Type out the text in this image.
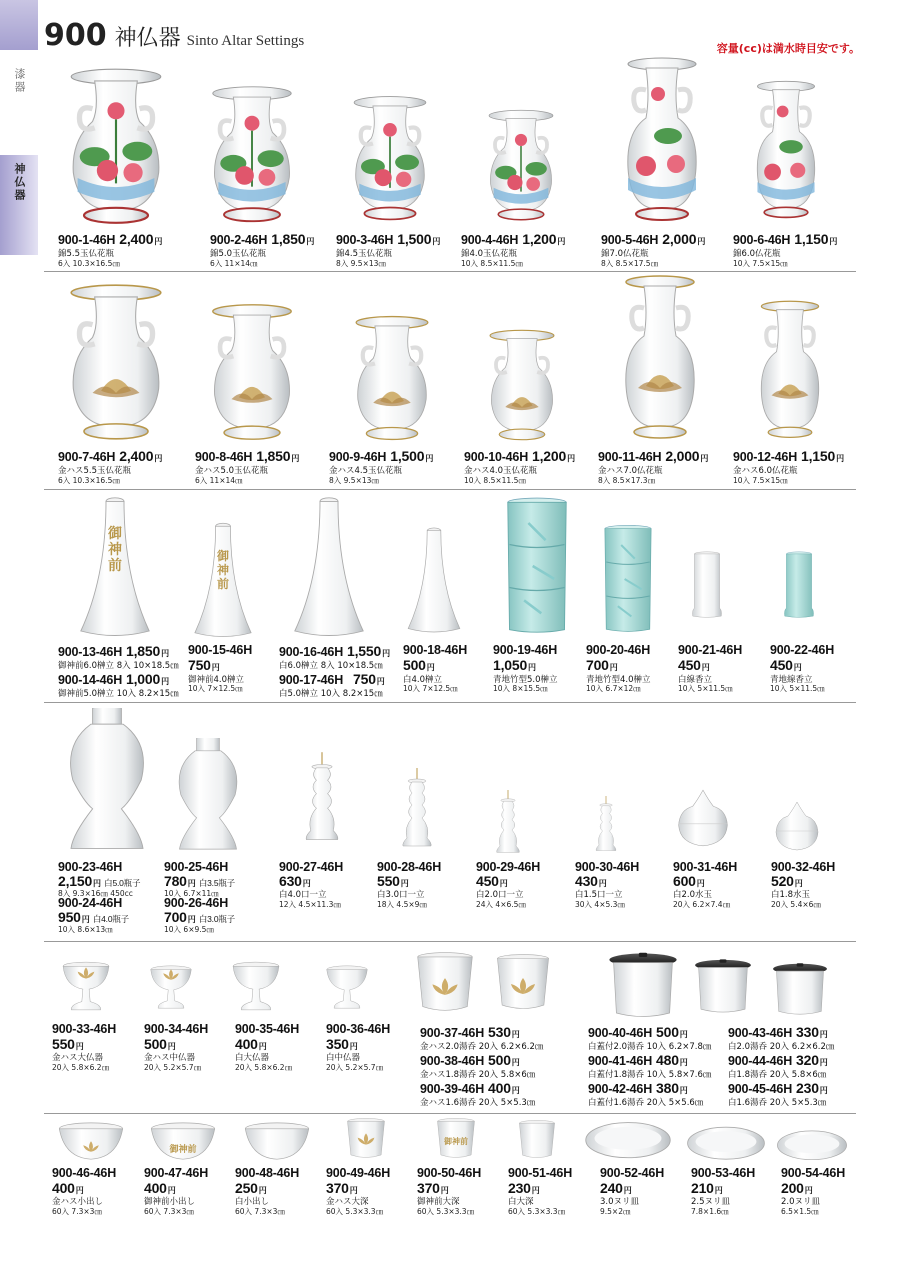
漆器
神仏器
900 神仏器 Sinto Altar Settings	容量(cc)は満水時目安です。
900-1-46H 2,400円
錦5.5玉仏花瓶
6入 10.3×16.5㎝
900-2-46H 1,850円
錦5.0玉仏花瓶
6入 11×14㎝
900-3-46H 1,500円
錦4.5玉仏花瓶
8入 9.5×13㎝
900-4-46H 1,200円
錦4.0玉仏花瓶
10入 8.5×11.5㎝
900-5-46H 2,000円
錦7.0仏花瓶
8入 8.5×17.5㎝
900-6-46H 1,150円
錦6.0仏花瓶
10入 7.5×15㎝
900-7-46H 2,400円
金ハス5.5玉仏花瓶
6入 10.3×16.5㎝
900-8-46H 1,850円
金ハス5.0玉仏花瓶
6入 11×14㎝
900-9-46H 1,500円
金ハス4.5玉仏花瓶
8入 9.5×13㎝
900-10-46H 1,200円
金ハス4.0玉仏花瓶
10入 8.5×11.5㎝
900-11-46H 2,000円
金ハス7.0仏花瓶
8入 8.5×17.3㎝
900-12-46H 1,150円
金ハス6.0仏花瓶
10入 7.5×15㎝
御
神
前
900-13-46H 1,850円
御神前6.0榊立 8入 10×18.5㎝
900-14-46H 1,000円
御神前5.0榊立 10入 8.2×15㎝
御
神
前
900-15-46H
750円
御神前4.0榊立
10入 7×12.5㎝
900-16-46H 1,550円
白6.0榊立 8入 10×18.5㎝
900-17-46H 750円
白5.0榊立 10入 8.2×15㎝
900-18-46H
500円
白4.0榊立
10入 7×12.5㎝
900-19-46H
1,050円
青地竹型5.0榊立
10入 8×15.5㎝
900-20-46H
700円
青地竹型4.0榊立
10入 6.7×12㎝
900-21-46H
450円
白線香立
10入 5×11.5㎝
900-22-46H
450円
青地線香立
10入 5×11.5㎝
900-23-46H
2,150円 白5.0瓶子
8入 9.3×16㎝ 450cc
900-24-46H
950円 白4.0瓶子
10入 8.6×13㎝
900-25-46H
780円 白3.5瓶子
10入 6.7×11㎝
900-26-46H
700円 白3.0瓶子
10入 6×9.5㎝
900-27-46H
630円
白4.0口一立
12入 4.5×11.3㎝
900-28-46H
550円
白3.0口一立
18入 4.5×9㎝
900-29-46H
450円
白2.0口一立
24入 4×6.5㎝
900-30-46H
430円
白1.5口一立
30入 4×5.3㎝
900-31-46H
600円
白2.0水玉
20入 6.2×7.4㎝
900-32-46H
520円
白1.8水玉
20入 5.4×6㎝
900-33-46H
550円
金ハス大仏器
20入 5.8×6.2㎝
900-34-46H
500円
金ハス中仏器
20入 5.2×5.7㎝
900-35-46H
400円
白大仏器
20入 5.8×6.2㎝
900-36-46H
350円
白中仏器
20入 5.2×5.7㎝
900-37-46H 530円
金ハス2.0湯呑 20入 6.2×6.2㎝
900-38-46H 500円
金ハス1.8湯呑 20入 5.8×6㎝
900-39-46H 400円
金ハス1.6湯呑 20入 5×5.3㎝
900-40-46H 500円
白蓋付2.0湯呑 10入 6.2×7.8㎝
900-41-46H 480円
白蓋付1.8湯呑 10入 5.8×7.6㎝
900-42-46H 380円
白蓋付1.6湯呑 20入 5×5.6㎝
900-43-46H 330円
白2.0湯呑 20入 6.2×6.2㎝
900-44-46H 320円
白1.8湯呑 20入 5.8×6㎝
900-45-46H 230円
白1.6湯呑 20入 5×5.3㎝
900-46-46H
400円
金ハス小出し
60入 7.3×3㎝
御神前
900-47-46H
400円
御神前小出し
60入 7.3×3㎝
900-48-46H
250円
白小出し
60入 7.3×3㎝
900-49-46H
370円
金ハス大深
60入 5.3×3.3㎝
御神前
900-50-46H
370円
御神前大深
60入 5.3×3.3㎝
900-51-46H
230円
白大深
60入 5.3×3.3㎝
900-52-46H
240円
3.0ヌリ皿
9.5×2㎝
900-53-46H
210円
2.5ヌリ皿
7.8×1.6㎝
900-54-46H
200円
2.0ヌリ皿
6.5×1.5㎝
